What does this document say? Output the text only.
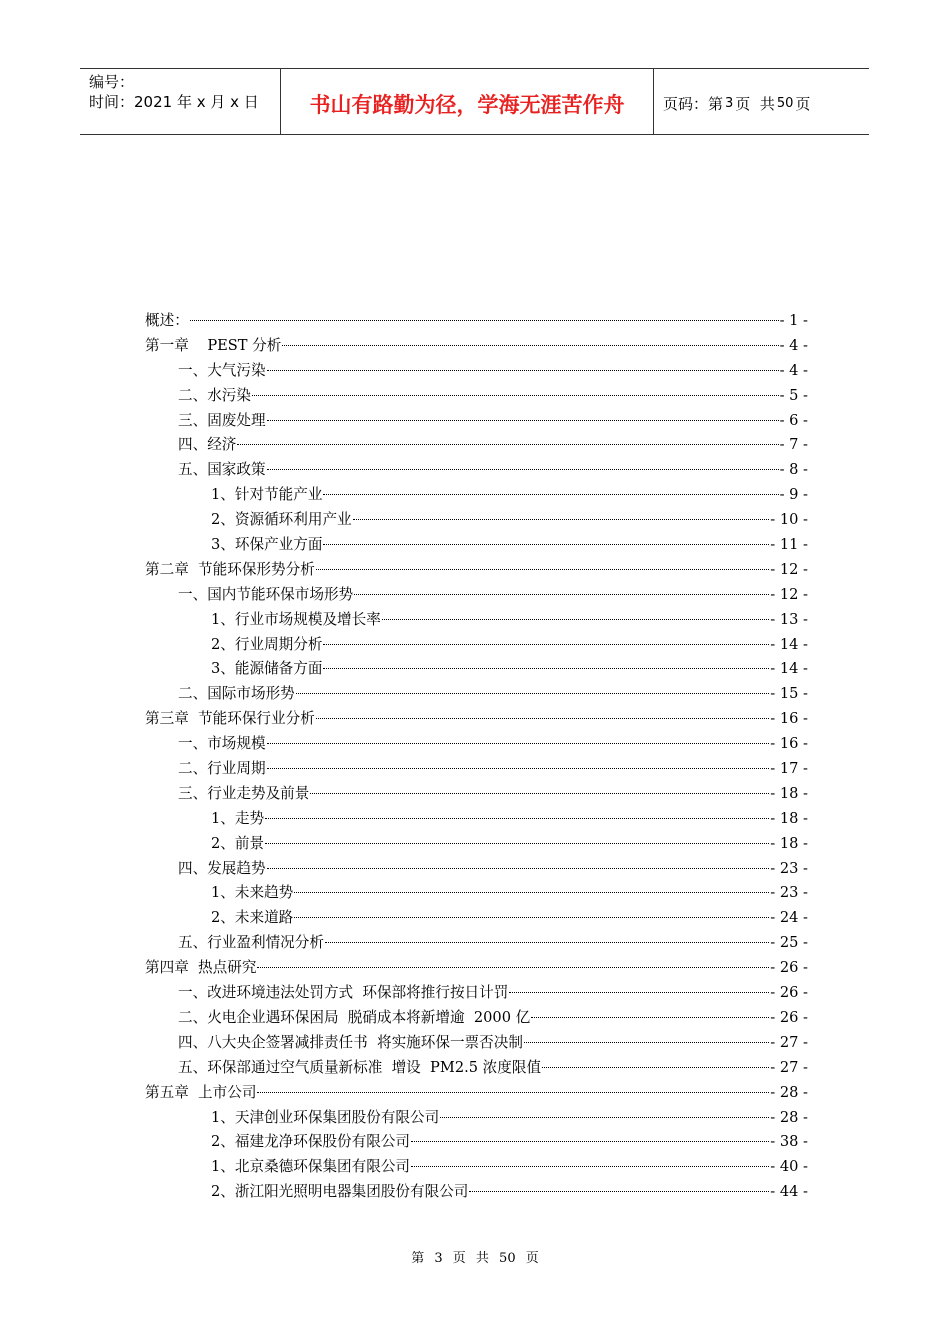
编号：
时间：2021 年 x 月 x 日	书山有路勤为径，学海无涯苦作舟	页码：第 3 页  共 50 页
概述：	- 1 -
第一章    PEST 分析	- 4 -
一、大气污染	- 4 -
二、水污染	- 5 -
三、固废处理	- 6 -
四、经济	- 7 -
五、国家政策	- 8 -
1、针对节能产业	- 9 -
2、资源循环利用产业	- 10 -
3、环保产业方面	- 11 -
第二章  节能环保形势分析	- 12 -
一、国内节能环保市场形势	- 12 -
1、行业市场规模及增长率	- 13 -
2、行业周期分析	- 14 -
3、能源储备方面	- 14 -
二、国际市场形势	- 15 -
第三章  节能环保行业分析	- 16 -
一、市场规模	- 16 -
二、行业周期	- 17 -
三、行业走势及前景	- 18 -
1、走势	- 18 -
2、前景	- 18 -
四、发展趋势	- 23 -
1、未来趋势	- 23 -
2、未来道路	- 24 -
五、行业盈利情况分析	- 25 -
第四章  热点研究	- 26 -
一、改进环境违法处罚方式  环保部将推行按日计罚	- 26 -
二、火电企业遇环保困局  脱硝成本将新增逾  2000 亿	- 26 -
四、八大央企签署减排责任书  将实施环保一票否决制	- 27 -
五、环保部通过空气质量新标准  增设  PM2.5 浓度限值	- 27 -
第五章  上市公司	- 28 -
1、天津创业环保集团股份有限公司	- 28 -
2、福建龙净环保股份有限公司	- 38 -
1、北京桑德环保集团有限公司	- 40 -
2、浙江阳光照明电器集团股份有限公司	- 44 -
第 3 页 共 50 页
